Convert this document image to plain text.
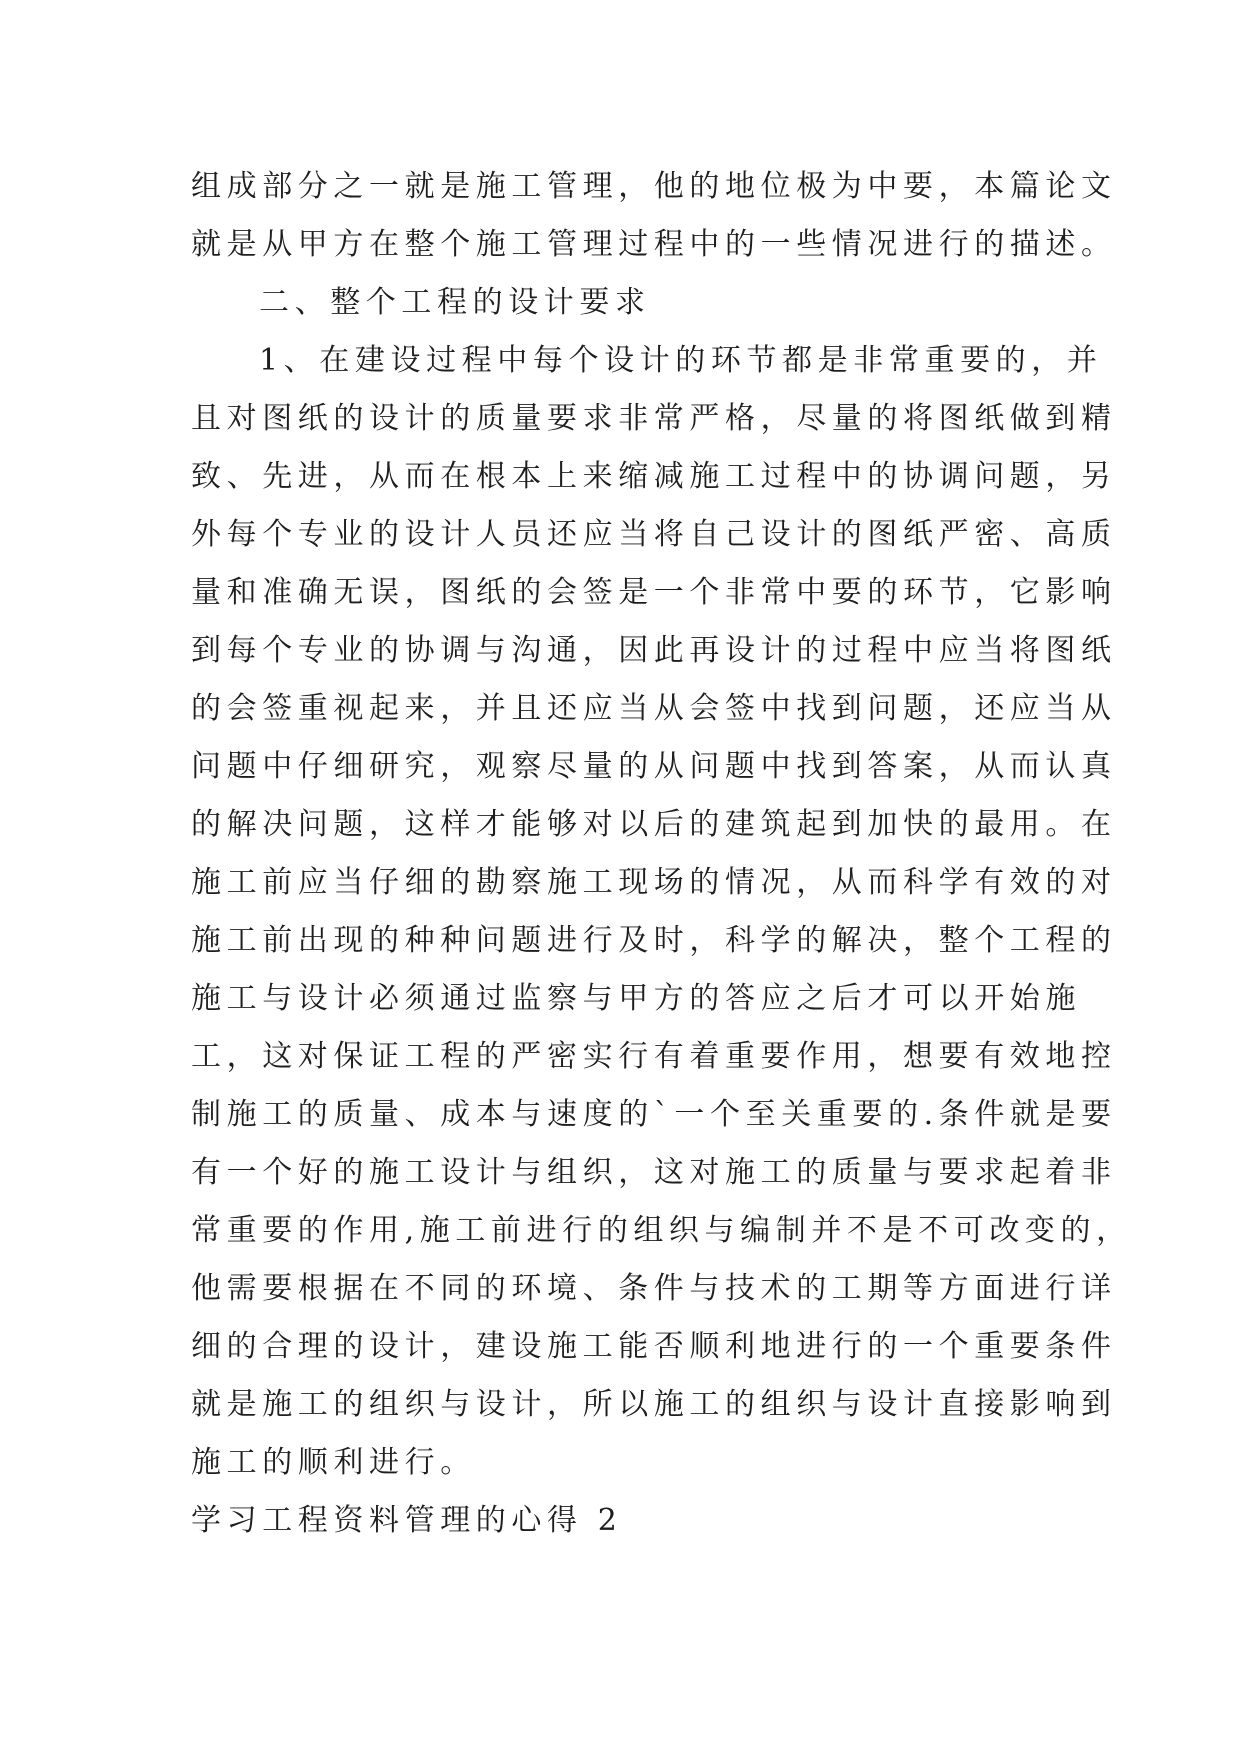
组成部分之一就是施工管理，他的地位极为中要，本篇论文
就是从甲方在整个施工管理过程中的一些情况进行的描述。
二、整个工程的设计要求
1、在建设过程中每个设计的环节都是非常重要的，并
且对图纸的设计的质量要求非常严格，尽量的将图纸做到精
致、先进，从而在根本上来缩减施工过程中的协调问题，另
外每个专业的设计人员还应当将自己设计的图纸严密、高质
量和准确无误，图纸的会签是一个非常中要的环节，它影响
到每个专业的协调与沟通，因此再设计的过程中应当将图纸
的会签重视起来，并且还应当从会签中找到问题，还应当从
问题中仔细研究，观察尽量的从问题中找到答案，从而认真
的解决问题，这样才能够对以后的建筑起到加快的最用。在
施工前应当仔细的勘察施工现场的情况，从而科学有效的对
施工前出现的种种问题进行及时，科学的解决，整个工程的
施工与设计必须通过监察与甲方的答应之后才可以开始施
工，这对保证工程的严密实行有着重要作用，想要有效地控
制施工的质量、成本与速度的`一个至关重要的.条件就是要
有一个好的施工设计与组织，这对施工的质量与要求起着非
常重要的作用,施工前进行的组织与编制并不是不可改变的，
他需要根据在不同的环境、条件与技术的工期等方面进行详
细的合理的设计，建设施工能否顺利地进行的一个重要条件
就是施工的组织与设计，所以施工的组织与设计直接影响到
施工的顺利进行。
学习工程资料管理的心得 2
